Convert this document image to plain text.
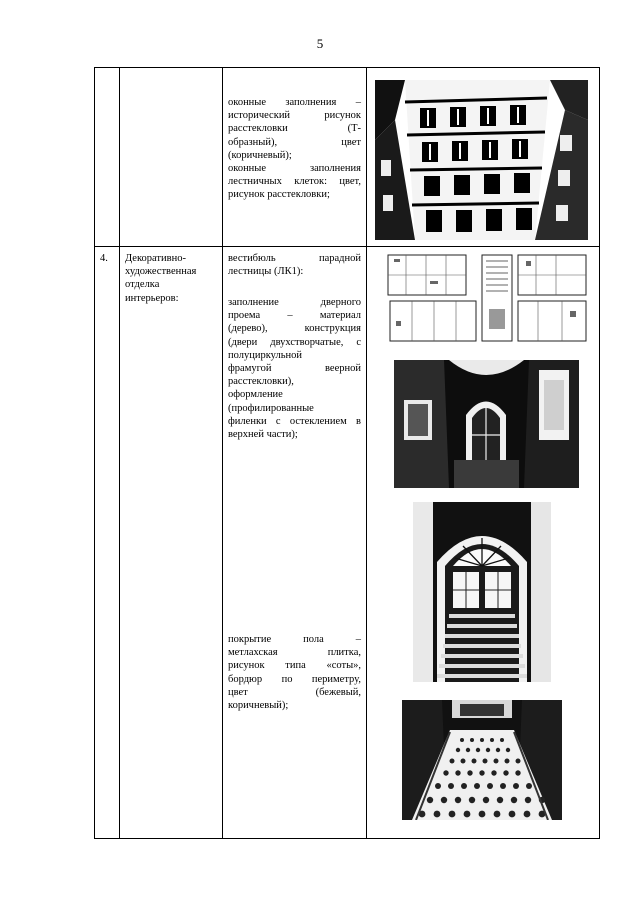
5
оконные заполнения –
исторический рисунок
расстекловки (Т-
образный), цвет
(коричневый);
оконные заполнения
лестничных клеток: цвет,
рисунок расстекловки;
4. Декоративно-
художественная
отделка
интерьеров:
вестибюль парадной
лестницы (ЛК1):
заполнение дверного
проема – материал
(дерево), конструкция
(двери двухстворчатые, с
полуциркульной
фрамугой веерной
расстекловки),
оформление
(профилированные
филенки с остеклением в
верхней части);
покрытие пола –
метлахская плитка,
рисунок типа «соты»,
бордюр по периметру,
цвет (бежевый,
коричневый);
